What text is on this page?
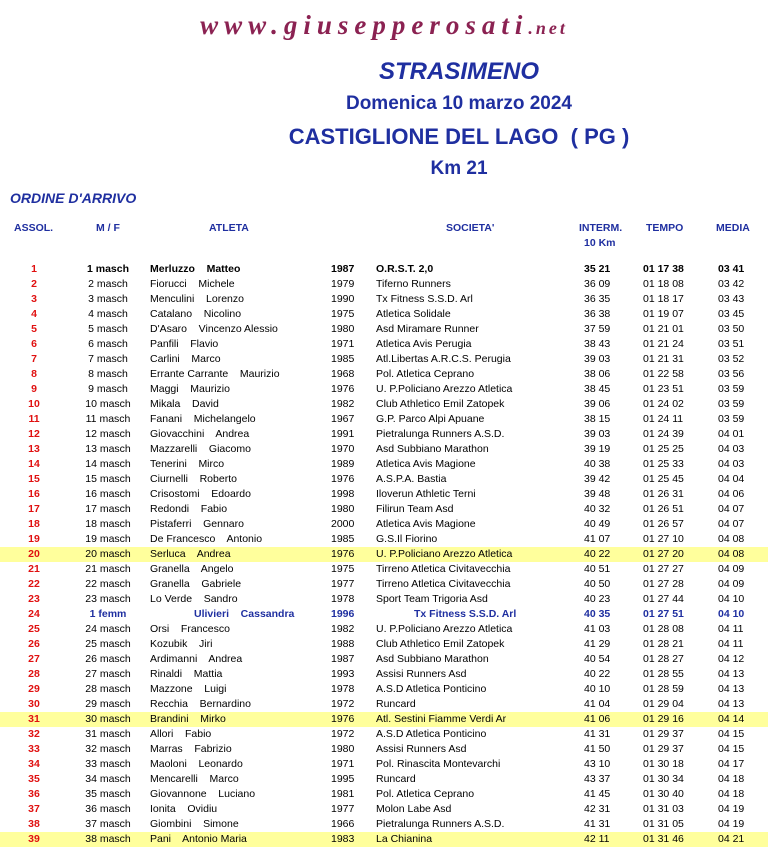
www.giusepperosati.net
STRASIMENO
Domenica 10 marzo 2024
CASTIGLIONE DEL LAGO  ( PG )
Km 21
ORDINE D'ARRIVO
ASSOL.	M / F	ATLETA	SOCIETA'	INTERM.
10 Km
TEMPO	MEDIA
1	1 masch	Merluzzo    Matteo	1987 O.R.S.T. 2,0	35 21	01 17 38	03 41
2	2 masch	Fiorucci    Michele	1979 Tiferno Runners	36 09	01 18 08	03 42
3	3 masch	Menculini    Lorenzo	1990 Tx Fitness S.S.D. Arl	36 35	01 18 17	03 43
4	4 masch	Catalano    Nicolino	1975 Atletica Solidale	36 38	01 19 07	03 45
5	5 masch	D'Asaro    Vincenzo Alessio	1980 Asd Miramare Runner	37 59	01 21 01	03 50
6	6 masch	Panfili    Flavio	1971 Atletica Avis Perugia	38 43	01 21 24	03 51
7	7 masch	Carlini    Marco	1985 Atl.Libertas A.R.C.S. Perugia	39 03	01 21 31	03 52
8	8 masch	Errante Carrante    Maurizio	1968 Pol. Atletica Ceprano	38 06	01 22 58	03 56
9	9 masch	Maggi    Maurizio	1976 U. P.Policiano Arezzo Atletica	38 45	01 23 51	03 59
10	10 masch	Mikala    David	1982 Club Athletico Emil Zatopek	39 06	01 24 02	03 59
11	11 masch	Fanani    Michelangelo	1967 G.P. Parco Alpi Apuane	38 15	01 24 11	03 59
12	12 masch	Giovacchini    Andrea	1991 Pietralunga Runners A.S.D.	39 03	01 24 39	04 01
13	13 masch	Mazzarelli    Giacomo	1970 Asd Subbiano Marathon	39 19	01 25 25	04 03
14	14 masch	Tenerini    Mirco	1989 Atletica Avis Magione	40 38	01 25 33	04 03
15	15 masch	Ciurnelli    Roberto	1976 A.S.P.A. Bastia	39 42	01 25 45	04 04
16	16 masch	Crisostomi    Edoardo	1998 Iloverun Athletic Terni	39 48	01 26 31	04 06
17	17 masch	Redondi    Fabio	1980 Filirun Team Asd	40 32	01 26 51	04 07
18	18 masch	Pistaferri    Gennaro	2000 Atletica Avis Magione	40 49	01 26 57	04 07
19	19 masch	De Francesco    Antonio	1985 G.S.Il Fiorino	41 07	01 27 10	04 08
20	20 masch	Serluca    Andrea	1976 U. P.Policiano Arezzo Atletica	40 22	01 27 20	04 08
21	21 masch	Granella    Angelo	1975 Tirreno Atletica Civitavecchia	40 51	01 27 27	04 09
22	22 masch	Granella    Gabriele	1977 Tirreno Atletica Civitavecchia	40 50	01 27 28	04 09
23	23 masch	Lo Verde    Sandro	1978 Sport Team Trigoria Asd	40 23	01 27 44	04 10
24	1 femm	Ulivieri    Cassandra	1996	Tx Fitness S.S.D. Arl	40 35	01 27 51	04 10
25	24 masch	Orsi    Francesco	1982 U. P.Policiano Arezzo Atletica	41 03	01 28 08	04 11
26	25 masch	Kozubik    Jiri	1988 Club Athletico Emil Zatopek	41 29	01 28 21	04 11
27	26 masch	Ardimanni    Andrea	1987 Asd Subbiano Marathon	40 54	01 28 27	04 12
28	27 masch	Rinaldi    Mattia	1993 Assisi Runners Asd	40 22	01 28 55	04 13
29	28 masch	Mazzone    Luigi	1978 A.S.D Atletica Ponticino	40 10	01 28 59	04 13
30	29 masch	Recchia    Bernardino	1972 Runcard	41 04	01 29 04	04 13
31	30 masch	Brandini    Mirko	1976 Atl. Sestini Fiamme Verdi Ar	41 06	01 29 16	04 14
32	31 masch	Allori    Fabio	1972 A.S.D Atletica Ponticino	41 31	01 29 37	04 15
33	32 masch	Marras    Fabrizio	1980 Assisi Runners Asd	41 50	01 29 37	04 15
34	33 masch	Maoloni    Leonardo	1971 Pol. Rinascita Montevarchi	43 10	01 30 18	04 17
35	34 masch	Mencarelli    Marco	1995 Runcard	43 37	01 30 34	04 18
36	35 masch	Giovannone    Luciano	1981 Pol. Atletica Ceprano	41 45	01 30 40	04 18
37	36 masch	Ionita    Ovidiu	1977 Molon Labe Asd	42 31	01 31 03	04 19
38	37 masch	Giombini    Simone	1966 Pietralunga Runners A.S.D.	41 31	01 31 05	04 19
39	38 masch	Pani    Antonio Maria	1983 La Chianina	42 11	01 31 46	04 21
